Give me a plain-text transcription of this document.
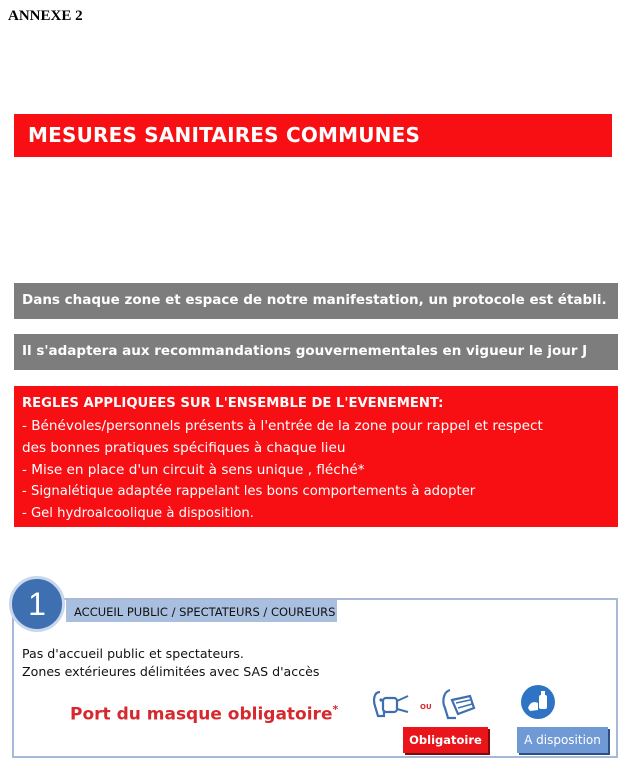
ANNEXE 2
MESURES SANITAIRES COMMUNES
Dans chaque zone et espace de notre manifestation, un protocole est établi.
Il s'adaptera aux recommandations gouvernementales en vigueur le jour J
REGLES APPLIQUEES SUR L'ENSEMBLE DE L'EVENEMENT:
- Bénévoles/personnels présents à l'entrée de la zone pour rappel et respect
des bonnes pratiques spécifiques à chaque lieu
- Mise en place d'un circuit à sens unique , fléché*
- Signalétique adaptée rappelant les bons comportements à adopter
- Gel hydroalcoolique à disposition.
1	ACCUEIL PUBLIC / SPECTATEURS / COUREURS
Pas d'accueil public et spectateurs.
Zones extérieures délimitées avec SAS d'accès
Port du masque obligatoire*	OU
Obligatoire	A disposition
